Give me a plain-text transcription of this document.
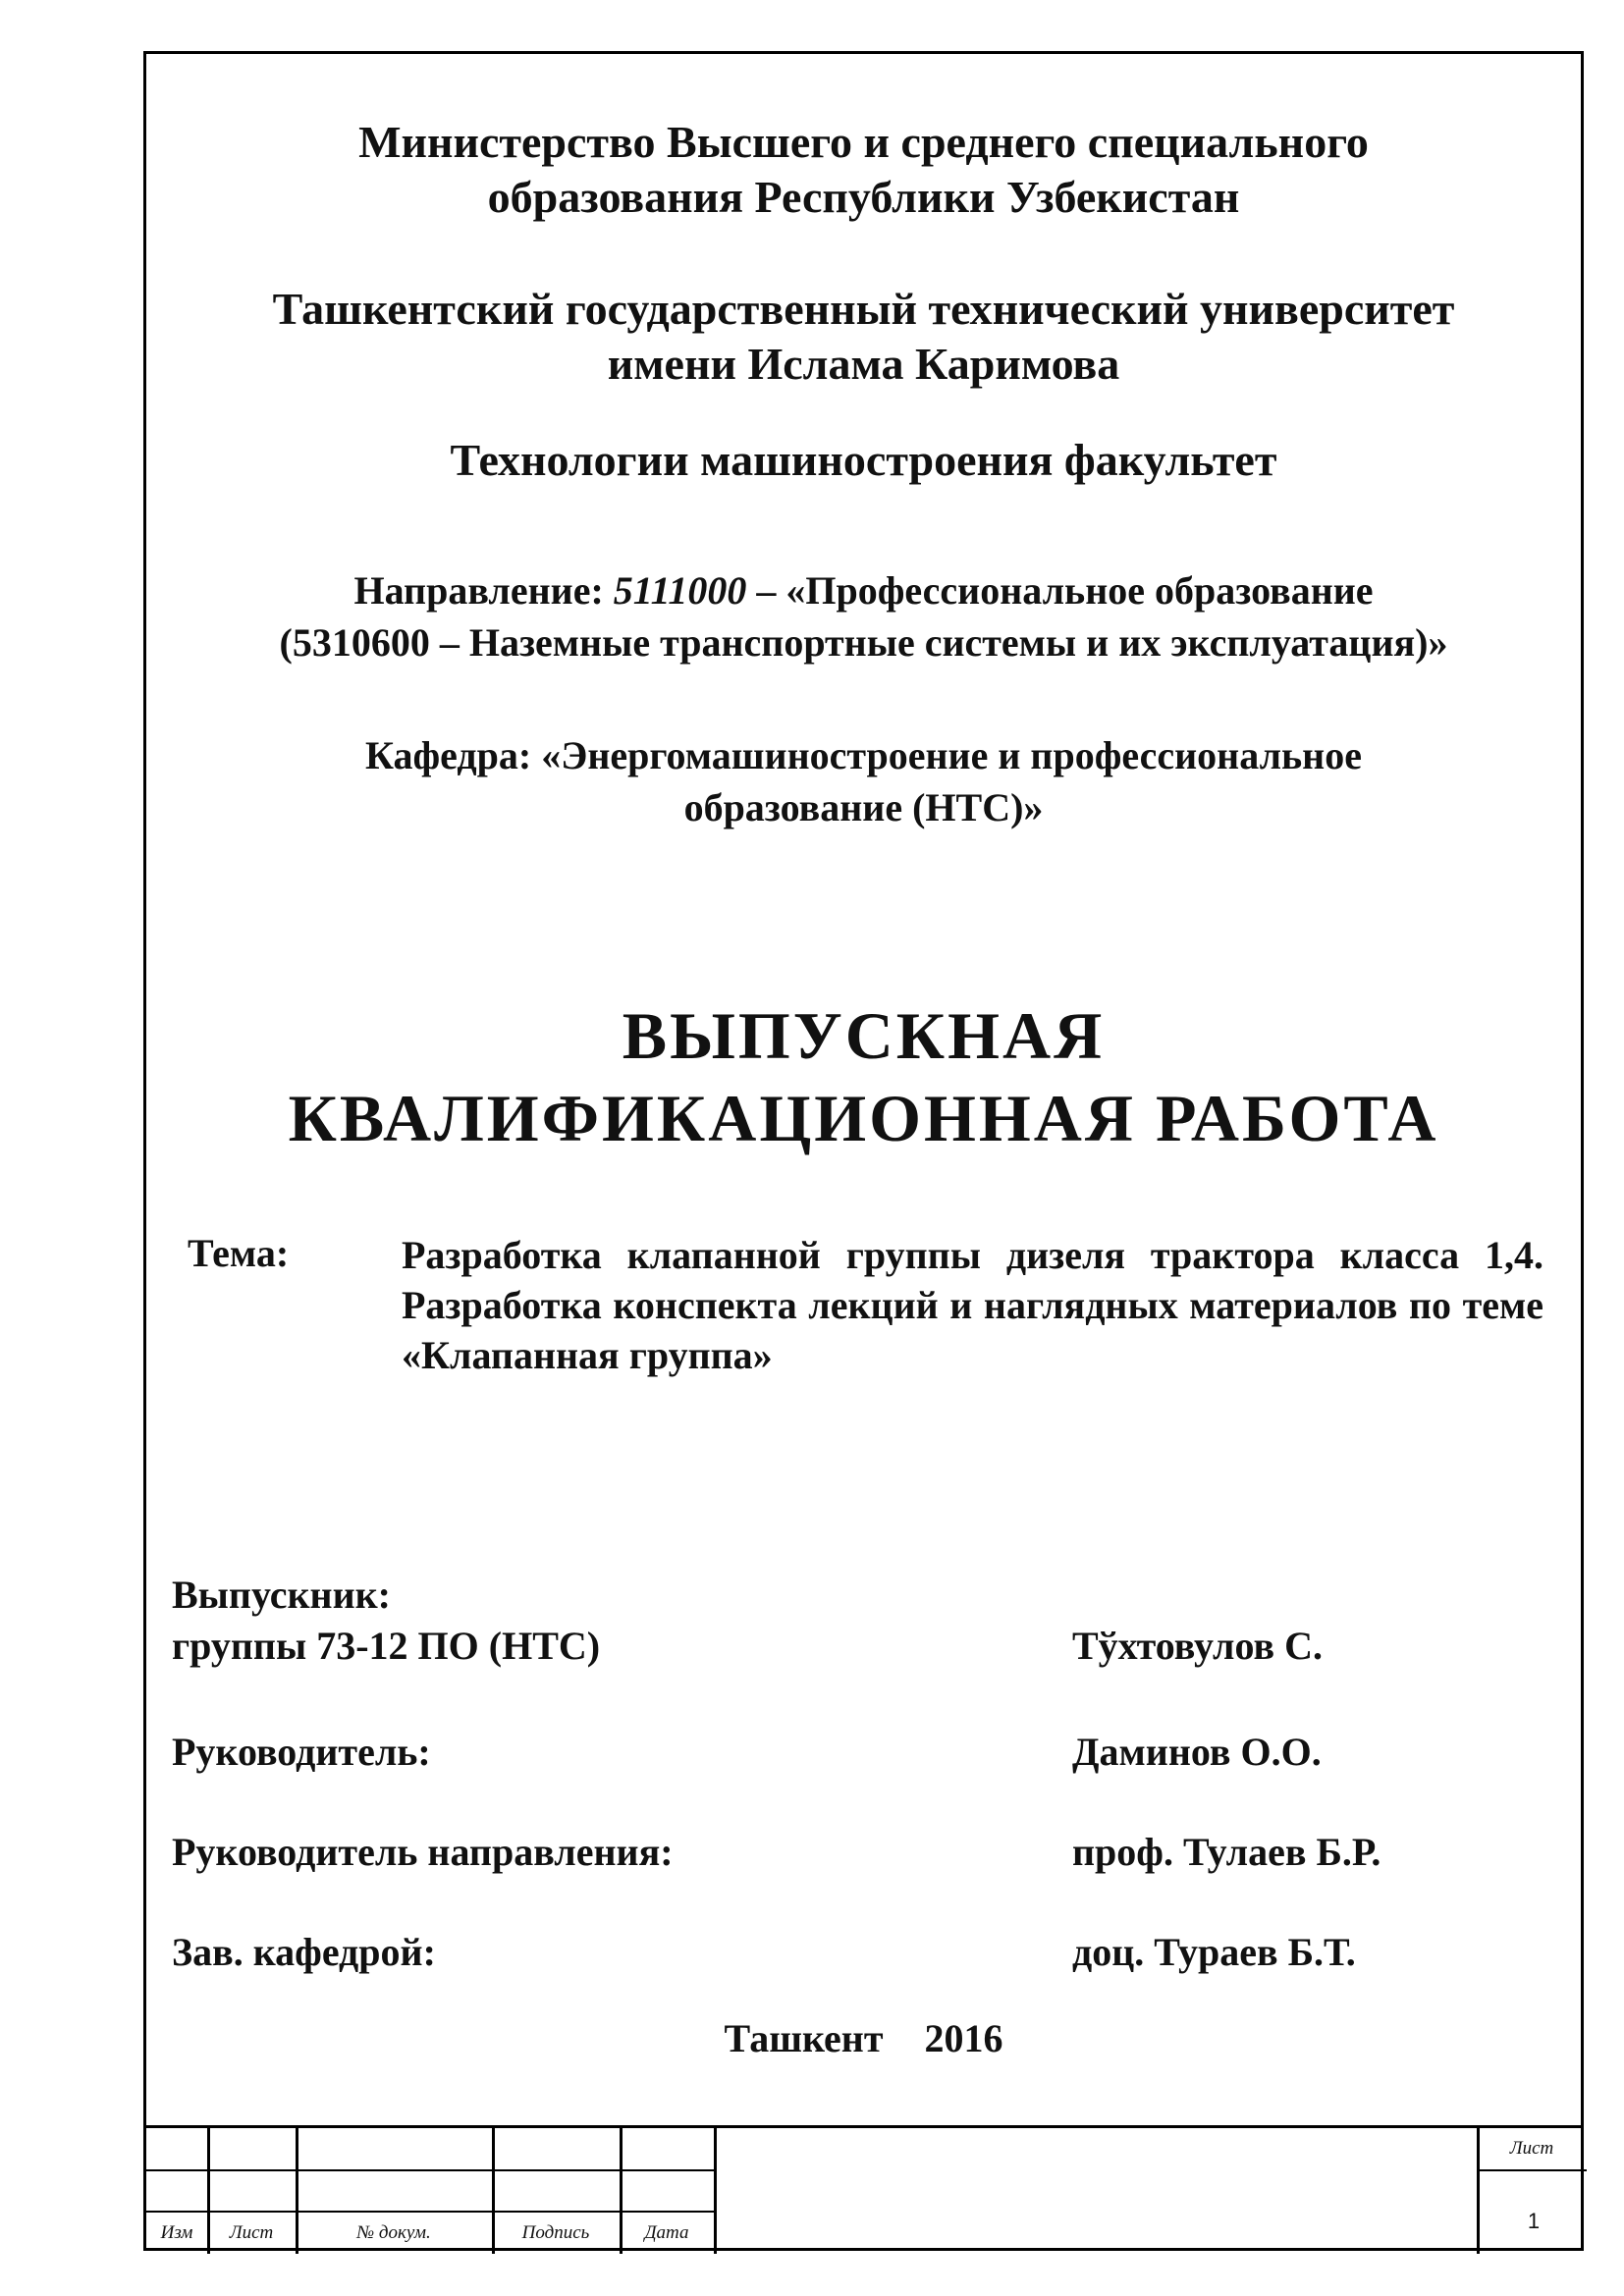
Министерство Высшего и среднего специального
образования Республики Узбекистан
Ташкентский государственный технический университет
имени Ислама Каримова
Технологии машиностроения факультет
Направление: 5111000 – «Профессиональное образование
(5310600 – Наземные транспортные системы и их эксплуатация)»
Кафедра: «Энергомашиностроение и профессиональное
образование (НТС)»
ВЫПУСКНАЯ
КВАЛИФИКАЦИОННАЯ РАБОТА
Тема:	Разработка клапанной группы дизеля трактора класса 1,4. Разработка конспекта лекций и наглядных материалов по теме «Клапанная группа»
Выпускник:
группы 73-12 ПО (НТС)	Тўхтовулов С.
Руководитель:	Даминов О.О.
Руководитель направления:	проф. Тулаев Б.Р.
Зав. кафедрой:	доц. Тураев Б.Т.
Ташкент 2016
Изм	Лист	№ докум.	Подпись	Дата
Лист
1
